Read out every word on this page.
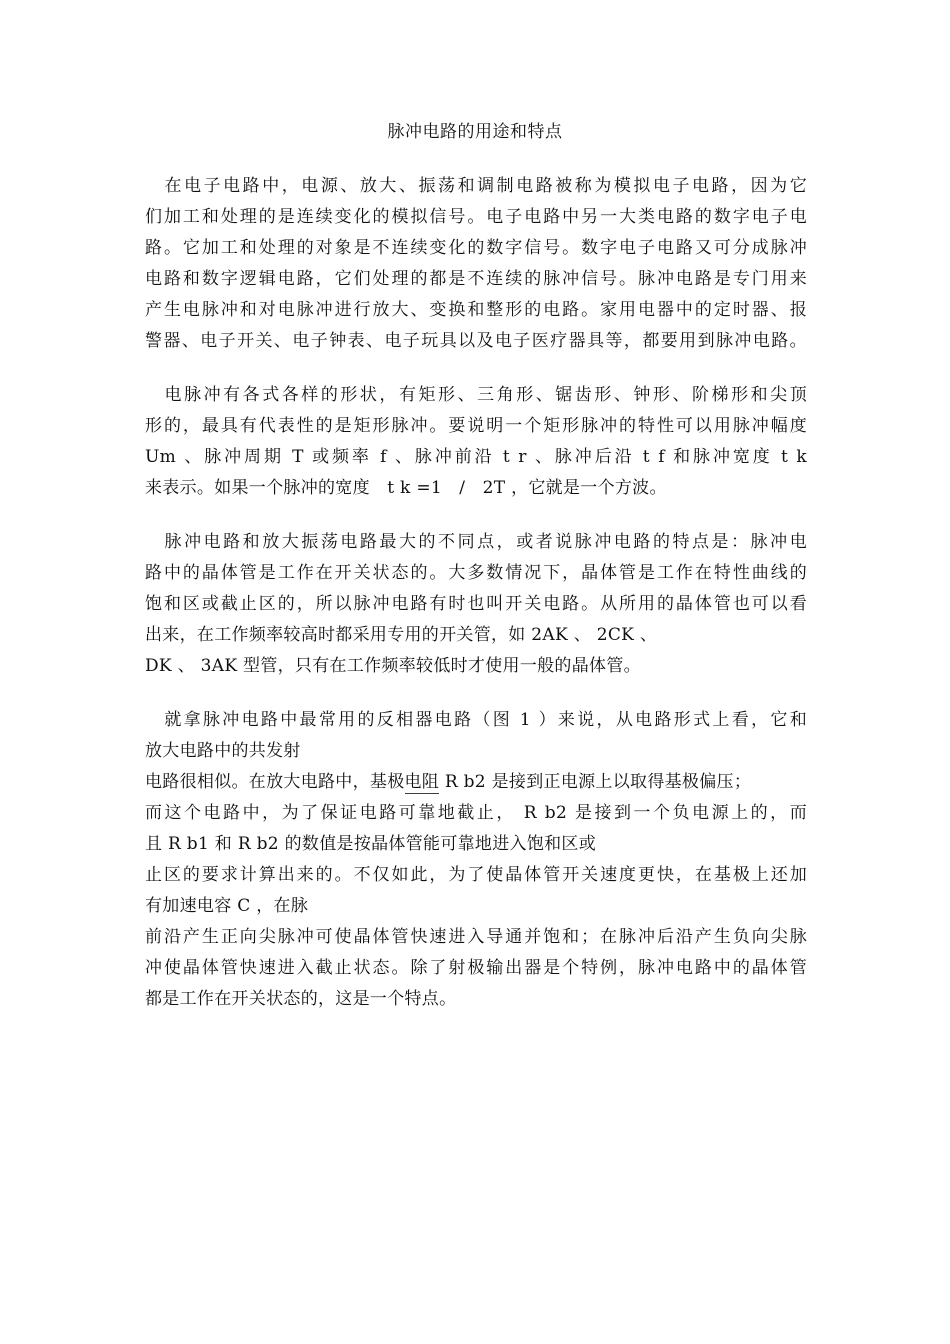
脉冲电路的用途和特点
　在电子电路中，电源、放大、振荡和调制电路被称为模拟电子电路，因为它
们加工和处理的是连续变化的模拟信号。电子电路中另一大类电路的数字电子电
路。它加工和处理的对象是不连续变化的数字信号。数字电子电路又可分成脉冲
电路和数字逻辑电路，它们处理的都是不连续的脉冲信号。脉冲电路是专门用来
产生电脉冲和对电脉冲进行放大、变换和整形的电路。家用电器中的定时器、报
警器、电子开关、电子钟表、电子玩具以及电子医疗器具等，都要用到脉冲电路。
　电脉冲有各式各样的形状，有矩形、三角形、锯齿形、钟形、阶梯形和尖顶
形的，最具有代表性的是矩形脉冲。要说明一个矩形脉冲的特性可以用脉冲幅度
Um 、脉冲周期 T 或频率 f 、脉冲前沿 t r 、脉冲后沿 t f 和脉冲宽度 t k
来表示。如果一个脉冲的宽度　t k =1　/　2T ，它就是一个方波。
　脉冲电路和放大振荡电路最大的不同点，或者说脉冲电路的特点是：脉冲电
路中的晶体管是工作在开关状态的。大多数情况下，晶体管是工作在特性曲线的
饱和区或截止区的，所以脉冲电路有时也叫开关电路。从所用的晶体管也可以看
出来，在工作频率较高时都采用专用的开关管，如 2AK 、 2CK 、
DK 、 3AK 型管，只有在工作频率较低时才使用一般的晶体管。
　就拿脉冲电路中最常用的反相器电路（图 1 ）来说，从电路形式上看，它和
放大电路中的共发射
电路很相似。在放大电路中，基极电阻 R b2 是接到正电源上以取得基极偏压；
而这个电路中，为了保证电路可靠地截止， R b2 是接到一个负电源上的，而
且 R b1 和 R b2 的数值是按晶体管能可靠地进入饱和区或
止区的要求计算出来的。不仅如此，为了使晶体管开关速度更快，在基极上还加
有加速电容 C ，在脉
前沿产生正向尖脉冲可使晶体管快速进入导通并饱和；在脉冲后沿产生负向尖脉
冲使晶体管快速进入截止状态。除了射极输出器是个特例，脉冲电路中的晶体管
都是工作在开关状态的，这是一个特点。
